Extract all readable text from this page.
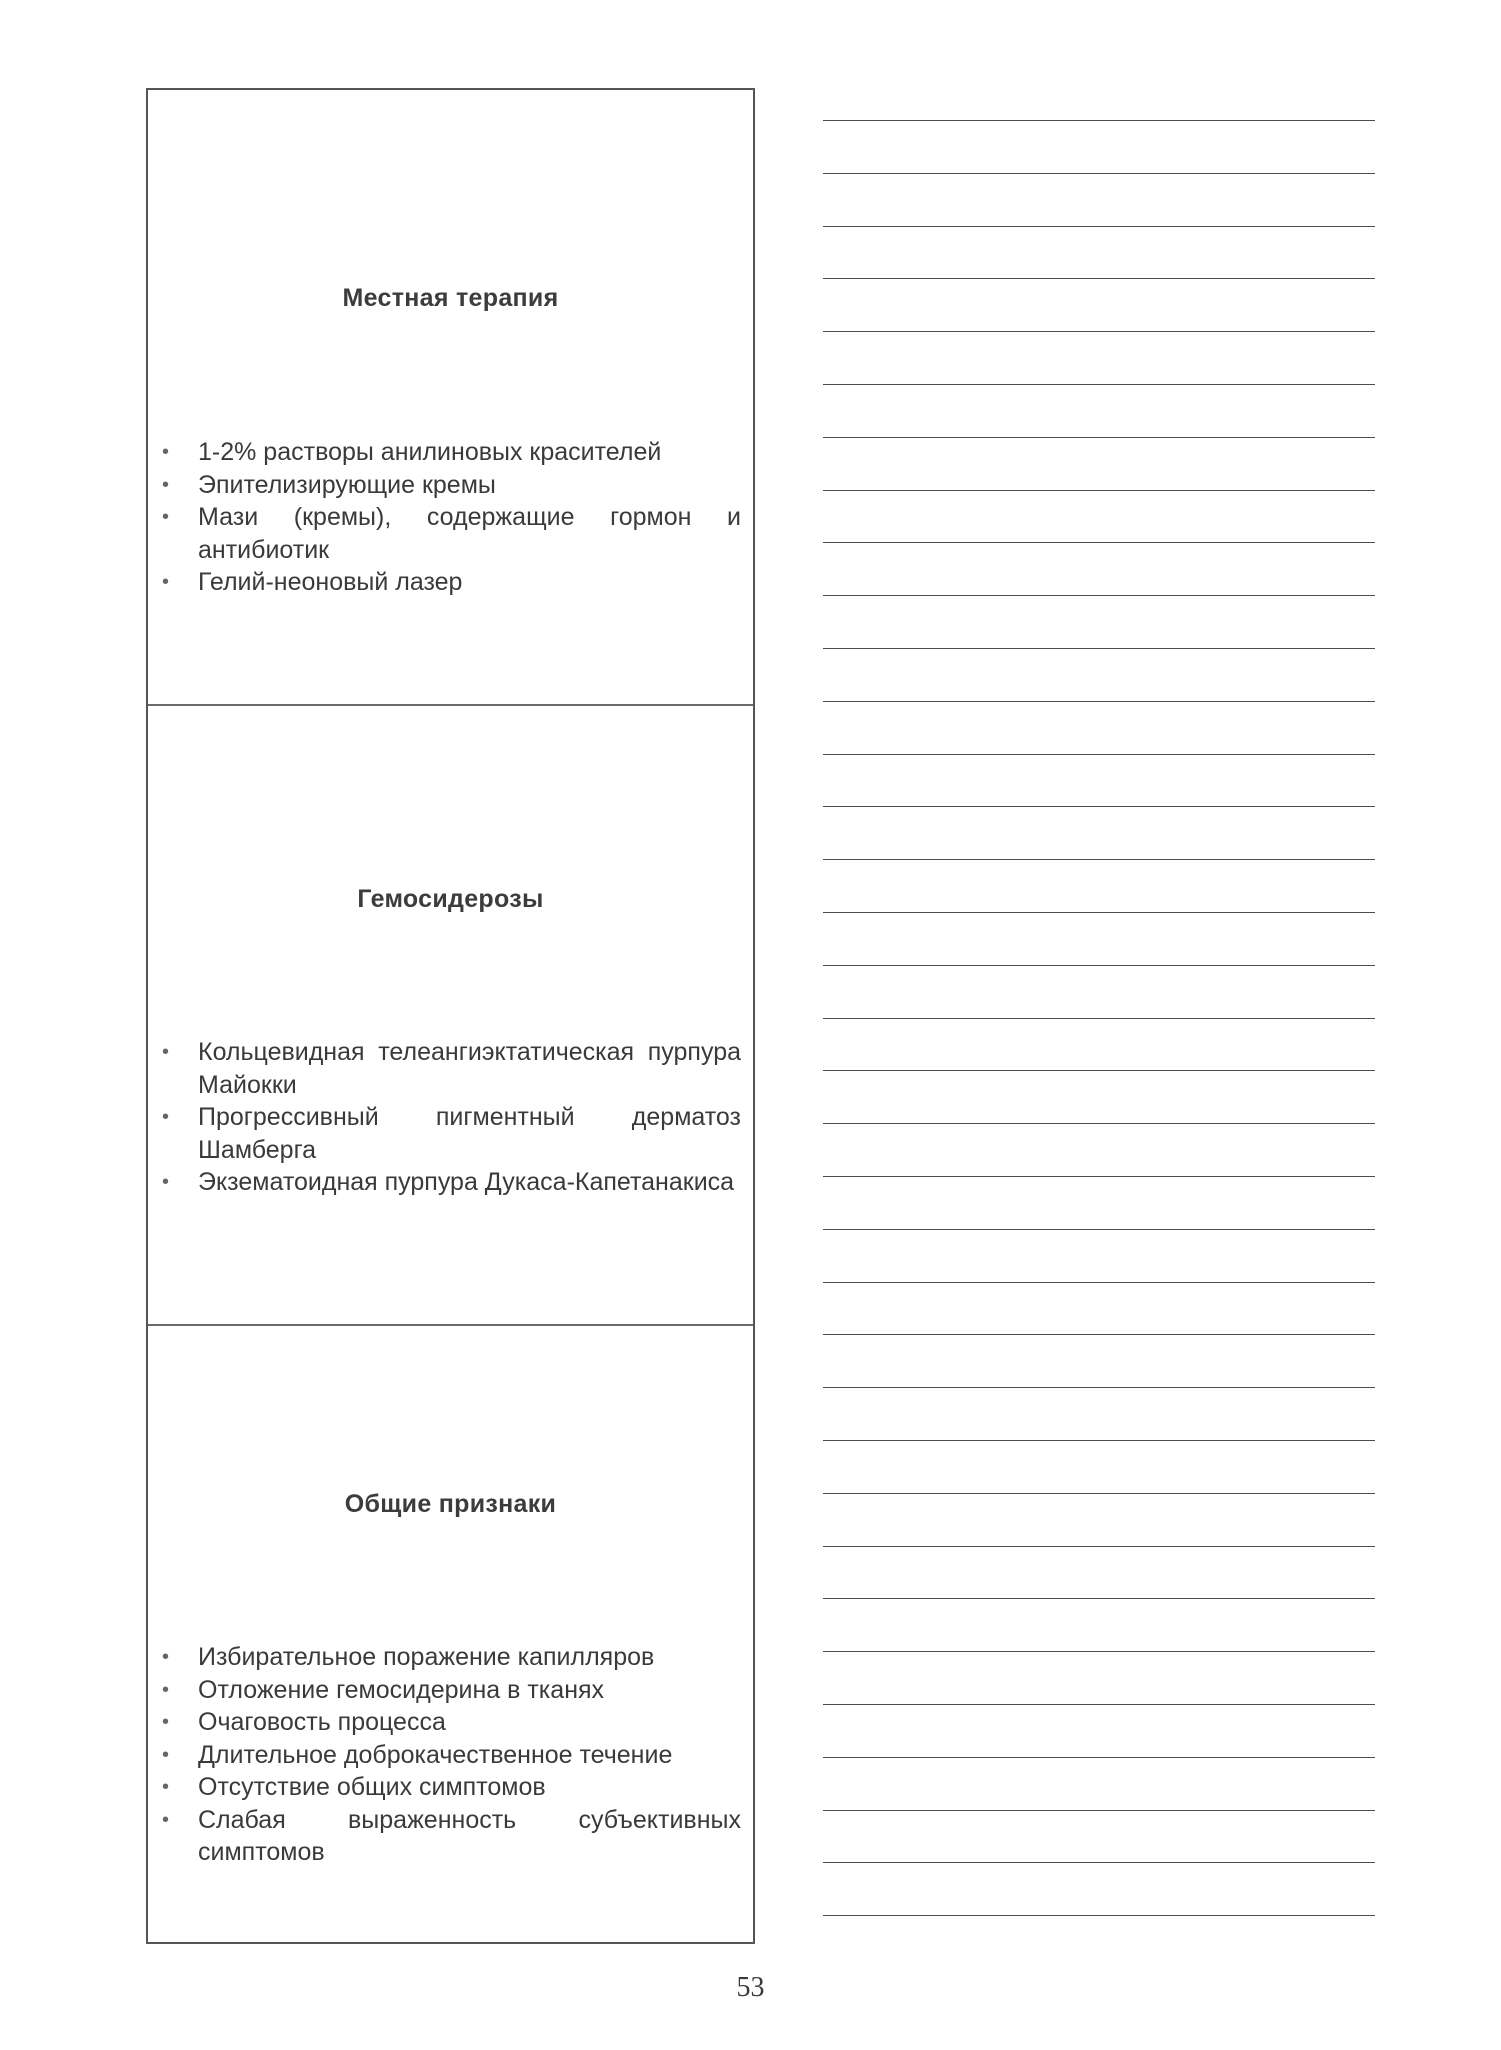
Местная терапия
• 1-2% растворы анилиновых красителей
• Эпителизирующие кремы
• Мази (кремы), содержащие гормон и антибиотик
• Гелий-неоновый лазер
Гемосидерозы
• Кольцевидная телеангиэктатическая пурпура Майокки
• Прогрессивный пигментный дерматоз Шамберга
• Экзематоидная пурпура Дукаса-Капетанакиса
Общие признаки
• Избирательное поражение капилляров
• Отложение гемосидерина в тканях
• Очаговость процесса
• Длительное доброкачественное течение
• Отсутствие общих симптомов
• Слабая выраженность субъективных симптомов
53
